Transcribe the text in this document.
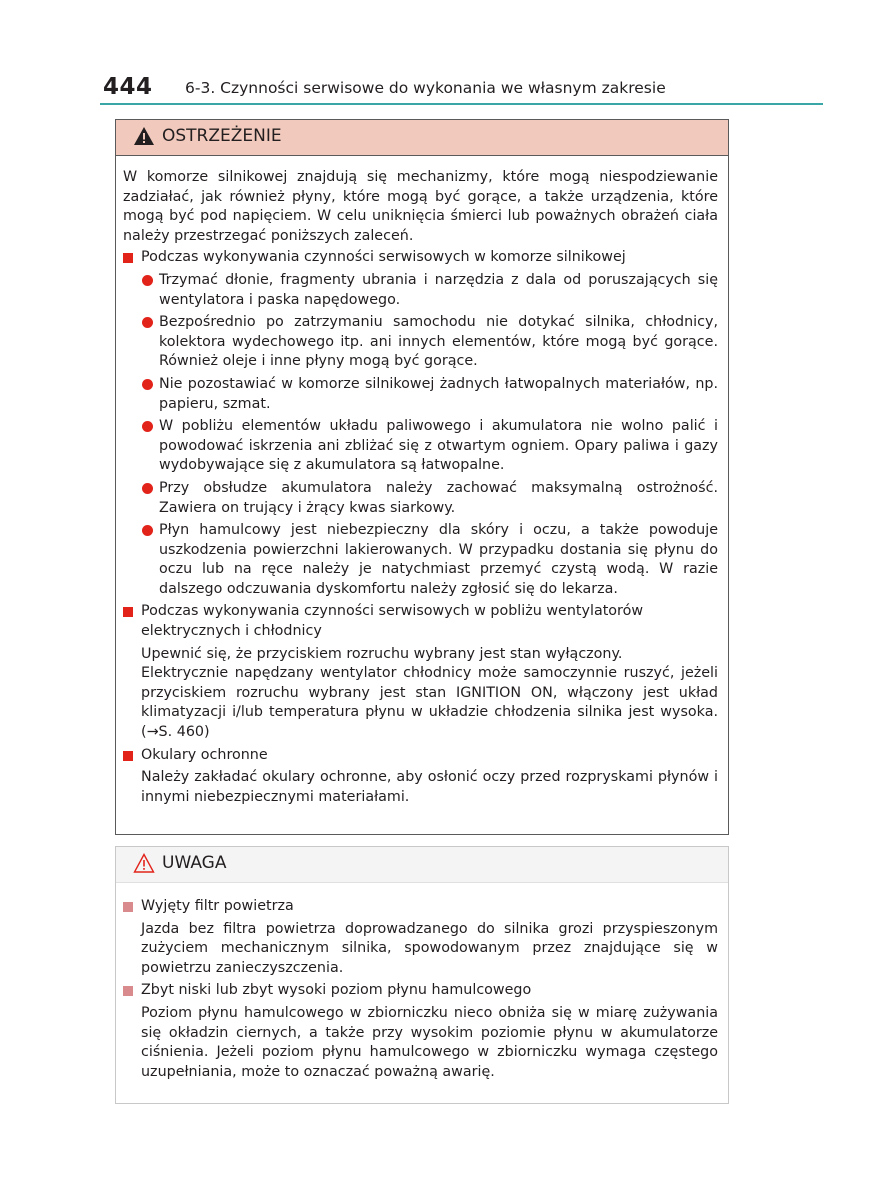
444 6-3. Czynności serwisowe do wykonania we własnym zakresie
OSTRZEŻENIE

W komorze silnikowej znajdują się mechanizmy, które mogą niespodziewanie zadziałać, jak również płyny, które mogą być gorące, a także urządzenia, które mogą być pod napięciem. W celu uniknięcia śmierci lub poważnych obrażeń ciała należy przestrzegać poniższych zaleceń.

Podczas wykonywania czynności serwisowych w komorze silnikowej
Trzymać dłonie, fragmenty ubrania i narzędzia z dala od poruszających się wentylatora i paska napędowego.
Bezpośrednio po zatrzymaniu samochodu nie dotykać silnika, chłodnicy, kolektora wydechowego itp. ani innych elementów, które mogą być gorące. Również oleje i inne płyny mogą być gorące.
Nie pozostawiać w komorze silnikowej żadnych łatwopalnych materiałów, np. papieru, szmat.
W pobliżu elementów układu paliwowego i akumulatora nie wolno palić i powodować iskrzenia ani zbliżać się z otwartym ogniem. Opary paliwa i gazy wydobywające się z akumulatora są łatwopalne.
Przy obsłudze akumulatora należy zachować maksymalną ostrożność. Zawiera on trujący i żrący kwas siarkowy.
Płyn hamulcowy jest niebezpieczny dla skóry i oczu, a także powoduje uszkodzenia powierzchni lakierowanych. W przypadku dostania się płynu do oczu lub na ręce należy je natychmiast przemyć czystą wodą. W razie dalszego odczuwania dyskomfortu należy zgłosić się do lekarza.
Podczas wykonywania czynności serwisowych w pobliżu wentylatorów elektrycznych i chłodnicy

Upewnić się, że przyciskiem rozruchu wybrany jest stan wyłączony.

Elektrycznie napędzany wentylator chłodnicy może samoczynnie ruszyć, jeżeli przyciskiem rozruchu wybrany jest stan IGNITION ON, włączony jest układ klimatyzacji i/lub temperatura płynu w układzie chłodzenia silnika jest wysoka. (→S. 460)

Okulary ochronne

Należy zakładać okulary ochronne, aby osłonić oczy przed rozpryskami płynów i innymi niebezpiecznymi materiałami.

UWAGA
Wyjęty filtr powietrza

Jazda bez filtra powietrza doprowadzanego do silnika grozi przyspieszonym zużyciem mechanicznym silnika, spowodowanym przez znajdujące się w powietrzu zanieczyszczenia.

Zbyt niski lub zbyt wysoki poziom płynu hamulcowego

Poziom płynu hamulcowego w zbiorniczku nieco obniża się w miarę zużywania się okładzin ciernych, a także przy wysokim poziomie płynu w akumulatorze ciśnienia. Jeżeli poziom płynu hamulcowego w zbiorniczku wymaga częstego uzupełniania, może to oznaczać poważną awarię.
